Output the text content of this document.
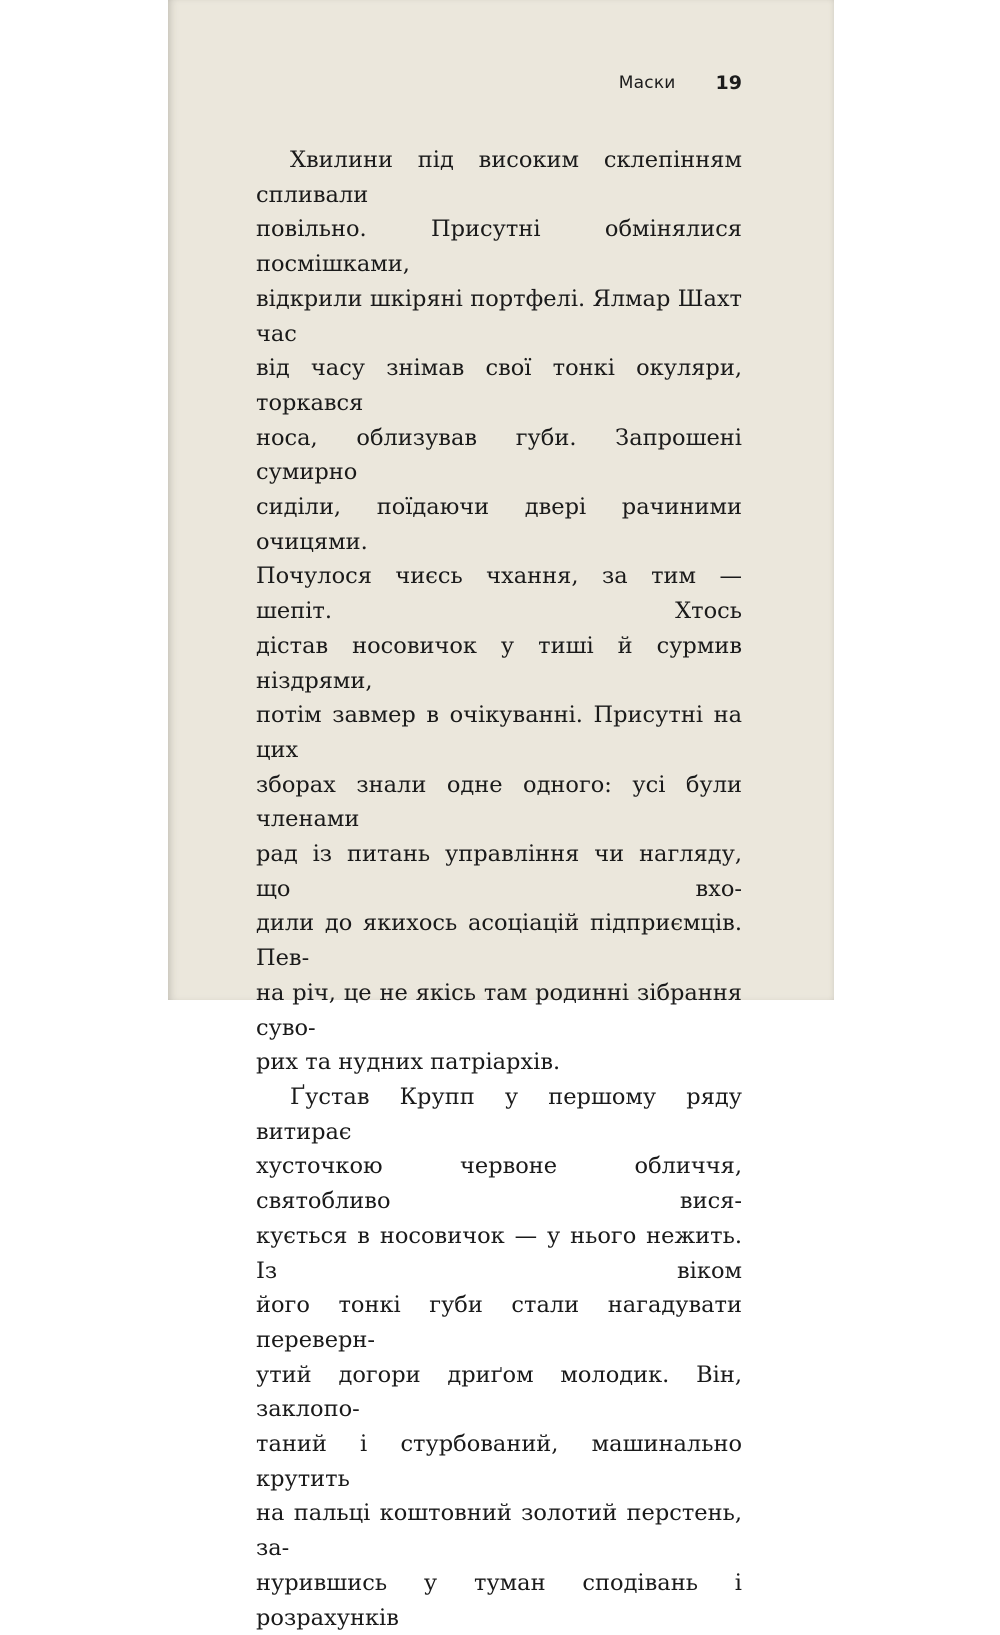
Маски 19

Хвилини під високим склепінням спливали
повільно. Присутні обмінялися посмішками,
відкрили шкіряні портфелі. Ялмар Шахт час
від часу знімав свої тонкі окуляри, торкався
носа, облизував губи. Запрошені сумирно
сиділи, поїдаючи двері рачиними очицями.
Почулося чиєсь чхання, за тим — шепіт. Хтось
дістав носовичок у тиші й сурмив ніздрями,
потім завмер в очікуванні. Присутні на цих
зборах знали одне одного: усі були членами
рад із питань управління чи нагляду, що вхо-
дили до якихось асоціацій підприємців. Пев-
на річ, це не якісь там родинні зібрання суво-
рих та нудних патріархів.

Ґустав Крупп у першому ряду витирає
хусточкою червоне обличчя, святобливо вися-
кується в носовичок — у нього нежить. Із віком
його тонкі губи стали нагадувати переверн-
утий догори дриґом молодик. Він, заклопо-
таний і стурбований, машинально крутить
на пальці коштовний золотий перстень, за-
нурившись у туман сподівань і розрахунків
